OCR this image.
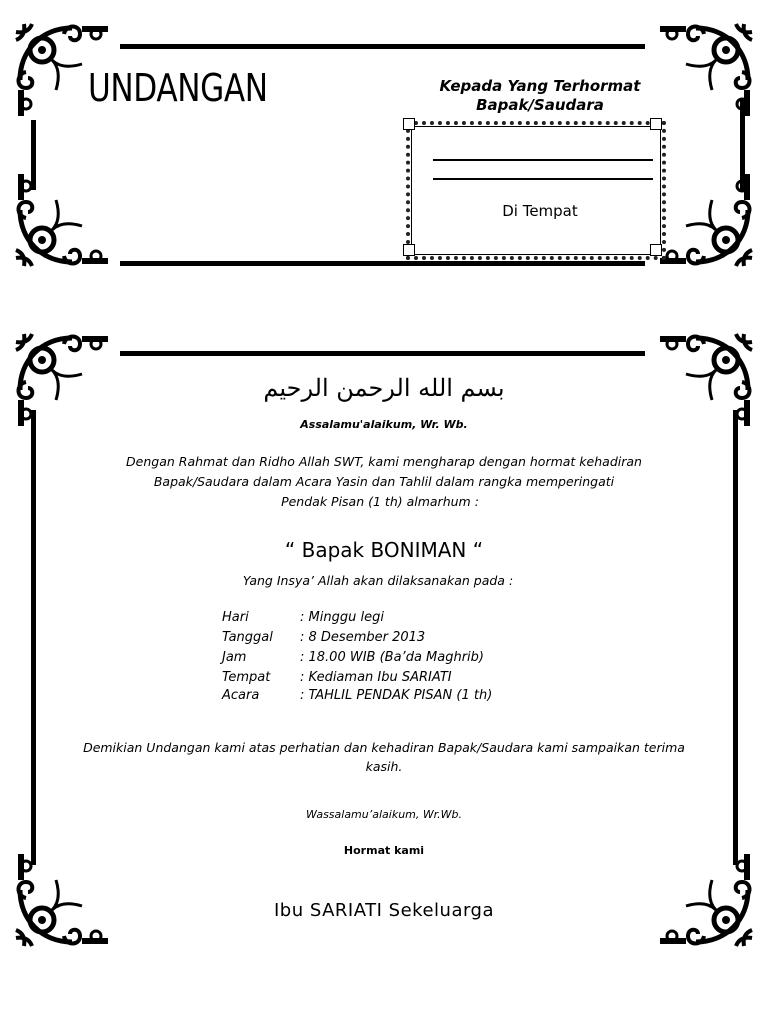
UNDANGAN	Kepada Yang Terhormat
Bapak/Saudara
Di Tempat
بسم الله الرحمن الرحيم
Assalamu'alaikum, Wr. Wb.
Dengan Rahmat dan Ridho Allah SWT, kami mengharap dengan hormat kehadiran
Bapak/Saudara dalam Acara Yasin dan Tahlil dalam rangka memperingati
Pendak Pisan (1 th) almarhum :
“ Bapak BONIMAN “
Yang Insya’ Allah akan dilaksanakan pada :
Hari	: Minggu legi
Tanggal	: 8 Desember 2013
Jam	: 18.00 WIB (Ba’da Maghrib)
Tempat	: Kediaman Ibu SARIATI
Acara	: TAHLIL PENDAK PISAN (1 th)
Demikian Undangan kami atas perhatian dan kehadiran Bapak/Saudara kami sampaikan terima
kasih.
Wassalamu’alaikum, Wr.Wb.
Hormat kami
Ibu SARIATI Sekeluarga
